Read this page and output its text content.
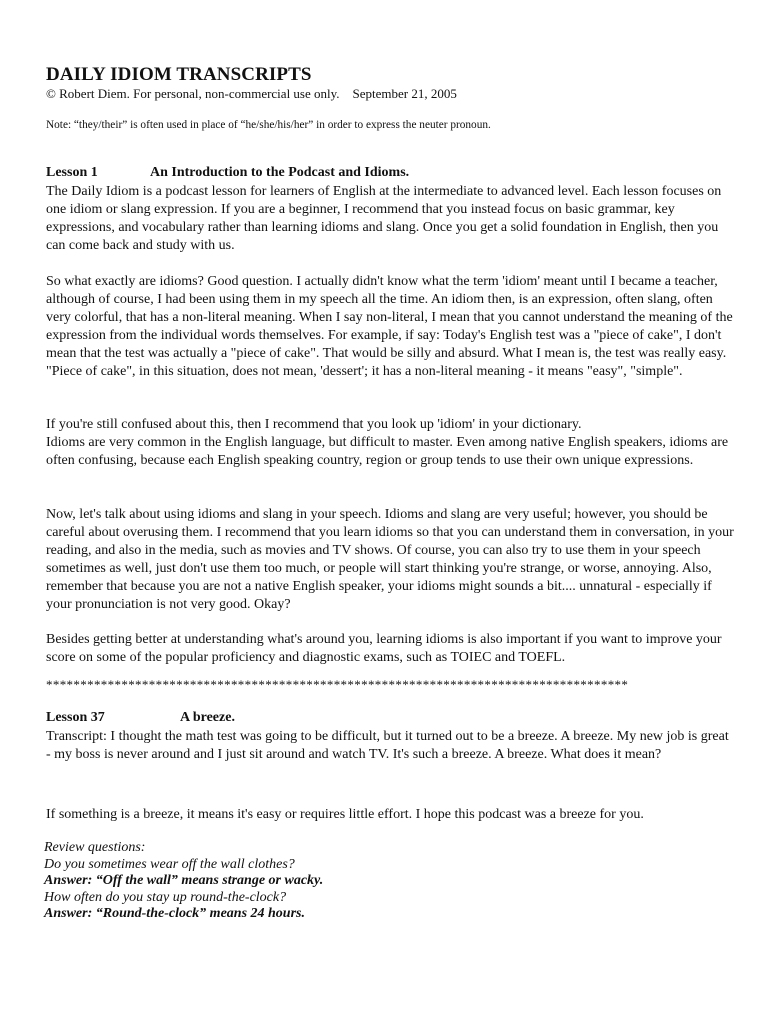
DAILY IDIOM TRANSCRIPTS
© Robert Diem. For personal, non-commercial use only. September 21, 2005
Note: “they/their” is often used in place of “he/she/his/her” in order to express the neuter pronoun.
Lesson 1	An Introduction to the Podcast and Idioms.

The Daily Idiom is a podcast lesson for learners of English at the intermediate to advanced level. Each lesson focuses on one idiom or slang expression. If you are a beginner, I recommend that you instead focus on basic grammar, key expressions, and vocabulary rather than learning idioms and slang. Once you get a solid foundation in English, then you can come back and study with us.

So what exactly are idioms? Good question. I actually didn't know what the term 'idiom' meant until I became a teacher, although of course, I had been using them in my speech all the time. An idiom then, is an expression, often slang, often very colorful, that has a non-literal meaning. When I say non-literal, I mean that you cannot understand the meaning of the expression from the individual words themselves. For example, if say: Today's English test was a "piece of cake", I don't mean that the test was actually a "piece of cake". That would be silly and absurd. What I mean is, the test was really easy. "Piece of cake", in this situation, does not mean, 'dessert'; it has a non-literal meaning - it means "easy", "simple".

If you're still confused about this, then I recommend that you look up 'idiom' in your dictionary.

Idioms are very common in the English language, but difficult to master. Even among native English speakers, idioms are often confusing, because each English speaking country, region or group tends to use their own unique expressions.

Now, let's talk about using idioms and slang in your speech. Idioms and slang are very useful; however, you should be careful about overusing them. I recommend that you learn idioms so that you can understand them in conversation, in your reading, and also in the media, such as movies and TV shows. Of course, you can also try to use them in your speech sometimes as well, just don't use them too much, or people will start thinking you're strange, or worse, annoying. Also, remember that because you are not a native English speaker, your idioms might sounds a bit.... unnatural - especially if your pronunciation is not very good. Okay?

Besides getting better at understanding what's around you, learning idioms is also important if you want to improve your score on some of the popular proficiency and diagnostic exams, such as TOIEC and TOEFL.

*************************************************************************************
Lesson 37	A breeze.

Transcript: I thought the math test was going to be difficult, but it turned out to be a breeze. A breeze. My new job is great - my boss is never around and I just sit around and watch TV. It's such a breeze. A breeze. What does it mean?

If something is a breeze, it means it's easy or requires little effort. I hope this podcast was a breeze for you.

Review questions:
Do you sometimes wear off the wall clothes?
Answer: “Off the wall” means strange or wacky.
How often do you stay up round-the-clock?
Answer: “Round-the-clock” means 24 hours.
